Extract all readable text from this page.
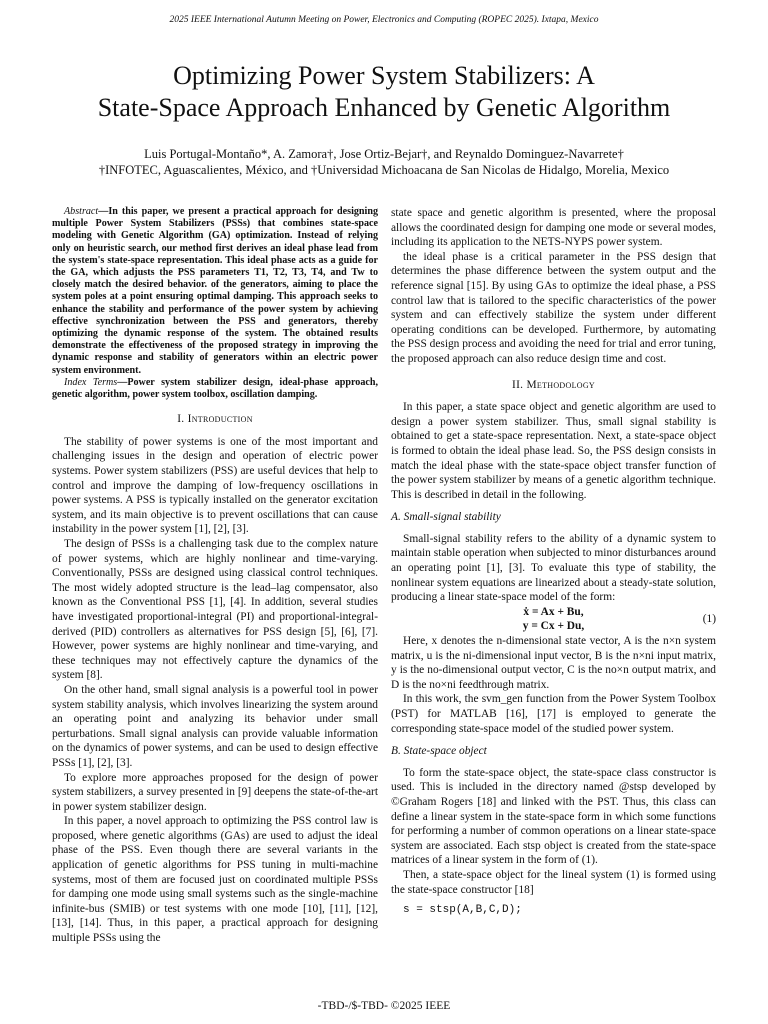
2025 IEEE International Autumn Meeting on Power, Electronics and Computing (ROPEC 2025). Ixtapa, Mexico
Optimizing Power System Stabilizers: A
State-Space Approach Enhanced by Genetic Algorithm
Luis Portugal-Montaño*, A. Zamora†, Jose Ortiz-Bejar†, and Reynaldo Dominguez-Navarrete†
†INFOTEC, Aguascalientes, México, and †Universidad Michoacana de San Nicolas de Hidalgo, Morelia, Mexico

Abstract—In this paper, we present a practical approach for designing multiple Power System Stabilizers (PSSs) that combines state-space modeling with Genetic Algorithm (GA) optimization. Instead of relying only on heuristic search, our method first derives an ideal phase lead from the system's state-space representation. This ideal phase acts as a guide for the GA, which adjusts the PSS parameters T1, T2, T3, T4, and Tw to closely match the desired behavior. of the generators, aiming to place the system poles at a point ensuring optimal damping. This approach seeks to enhance the stability and performance of the power system by achieving effective synchronization between the PSS and generators, thereby optimizing the dynamic response of the system. The obtained results demonstrate the effectiveness of the proposed strategy in improving the dynamic response and stability of generators within an electric power system environment.

Index Terms—Power system stabilizer design, ideal-phase approach, genetic algorithm, power system toolbox, oscillation damping.

I. Introduction

The stability of power systems is one of the most important and challenging issues in the design and operation of electric power systems. Power system stabilizers (PSS) are useful devices that help to control and improve the damping of low-frequency oscillations in power systems. A PSS is typically installed on the generator excitation system, and its main objective is to prevent oscillations that can cause instability in the power system [1], [2], [3].

The design of PSSs is a challenging task due to the complex nature of power systems, which are highly nonlinear and time-varying. Conventionally, PSSs are designed using classical control techniques. The most widely adopted structure is the lead–lag compensator, also known as the Conventional PSS [1], [4]. In addition, several studies have investigated proportional-integral (PI) and proportional-integral-derived (PID) controllers as alternatives for PSS design [5], [6], [7]. However, power systems are highly nonlinear and time-varying, and these techniques may not effectively capture the dynamics of the system [8].

On the other hand, small signal analysis is a powerful tool in power system stability analysis, which involves linearizing the system around an operating point and analyzing its behavior under small perturbations. Small signal analysis can provide valuable information on the dynamics of power systems, and can be used to design effective PSSs [1], [2], [3].

To explore more approaches proposed for the design of power system stabilizers, a survey presented in [9] deepens the state-of-the-art in power system stabilizer design.

In this paper, a novel approach to optimizing the PSS control law is proposed, where genetic algorithms (GAs) are used to adjust the ideal phase of the PSS. Even though there are several variants in the application of genetic algorithms for PSS tuning in multi-machine systems, most of them are focused just on coordinated multiple PSSs for damping one mode using small systems such as the single-machine infinite-bus (SMIB) or test systems with one mode [10], [11], [12], [13], [14]. Thus, in this paper, a practical approach for designing multiple PSSs using the

state space and genetic algorithm is presented, where the proposal allows the coordinated design for damping one mode or several modes, including its application to the NETS-NYPS power system.

the ideal phase is a critical parameter in the PSS design that determines the phase difference between the system output and the reference signal [15]. By using GAs to optimize the ideal phase, a PSS control law that is tailored to the specific characteristics of the power system and can effectively stabilize the system under different operating conditions can be developed. Furthermore, by automating the PSS design process and avoiding the need for trial and error tuning, the proposed approach can also reduce design time and cost.

II. Methodology

In this paper, a state space object and genetic algorithm are used to design a power system stabilizer. Thus, small signal stability is obtained to get a state-space representation. Next, a state-space object is formed to obtain the ideal phase lead. So, the PSS design consists in match the ideal phase with the state-space object transfer function of the power system stabilizer by means of a genetic algorithm technique. This is described in detail in the following.

A. Small-signal stability

Small-signal stability refers to the ability of a dynamic system to maintain stable operation when subjected to minor disturbances around an operating point [1], [3]. To evaluate this type of stability, the nonlinear system equations are linearized about a steady-state solution, producing a linear state-space model of the form:

ẋ = Ax + Bu,
y = Cx + Du,
(1)

Here, x denotes the n-dimensional state vector, A is the n×n system matrix, u is the ni-dimensional input vector, B is the n×ni input matrix, y is the no-dimensional output vector, C is the no×n output matrix, and D is the no×ni feedthrough matrix.

In this work, the svm_gen function from the Power System Toolbox (PST) for MATLAB [16], [17] is employed to generate the corresponding state-space model of the studied power system.

B. State-space object

To form the state-space object, the state-space class constructor is used. This is included in the directory named @stsp developed by ©Graham Rogers [18] and linked with the PST. Thus, this class can define a linear system in the state-space form in which some functions for performing a number of common operations on a linear state-space system are associated. Each stsp object is created from the state-space matrices of a linear system in the form of (1).

Then, a state-space object for the lineal system (1) is formed using the state-space constructor [18]

s = stsp(A,B,C,D);
-TBD-/$-TBD- ©2025 IEEE
